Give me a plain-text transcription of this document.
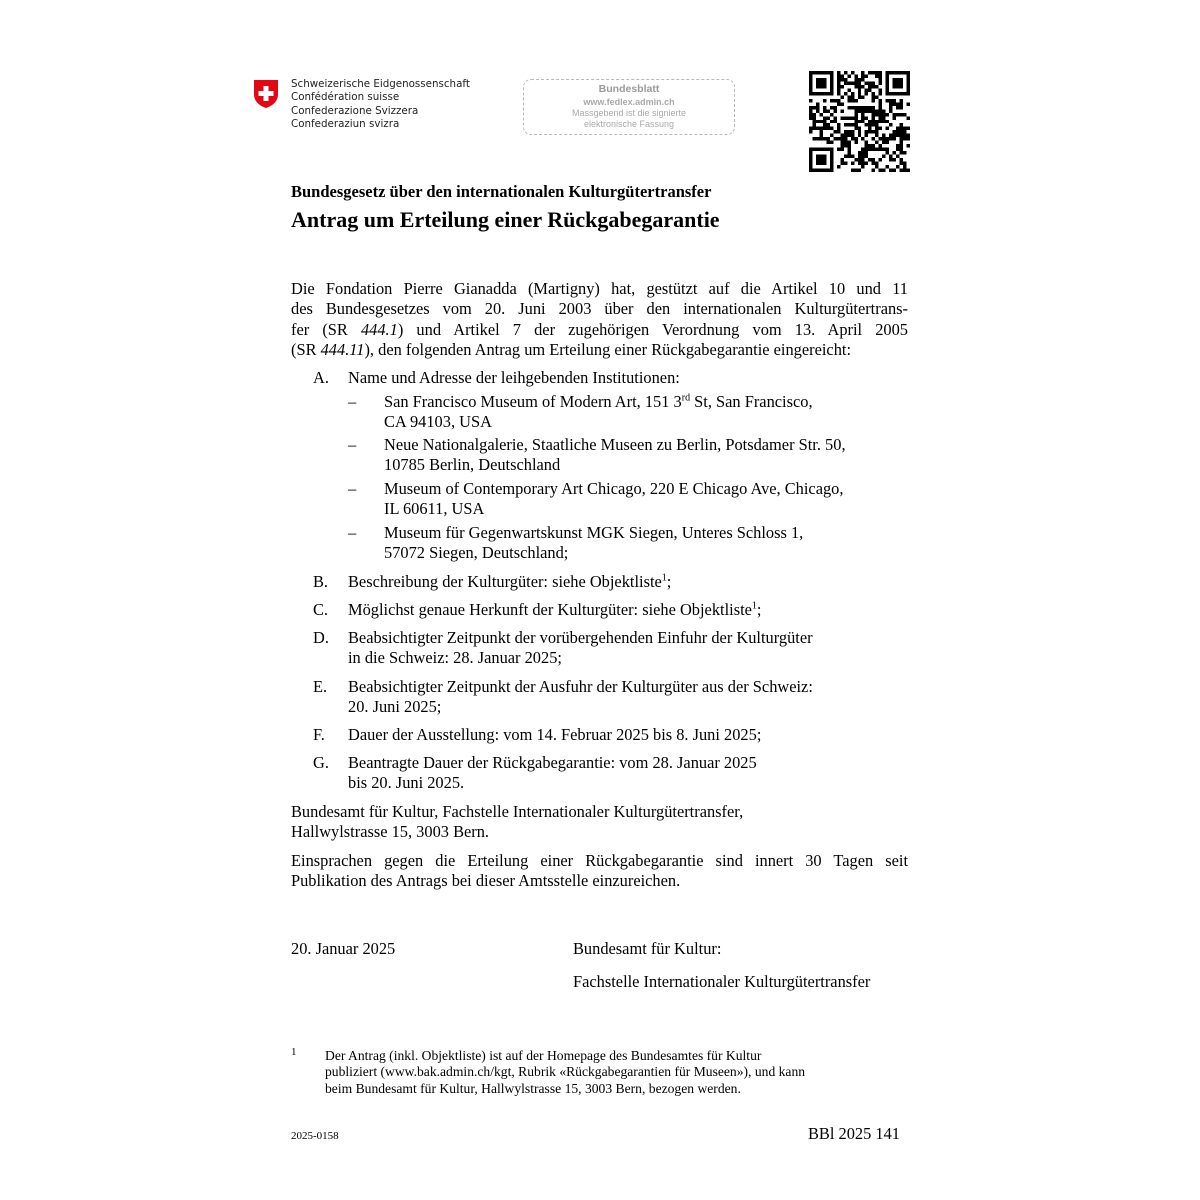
Schweizerische Eidgenossenschaft
Confédération suisse
Confederazione Svizzera
Confederaziun svizra
Bundesblatt
www.fedlex.admin.ch
Massgebend ist die signierte
elektronische Fassung
Bundesgesetz über den internationalen Kulturgütertransfer
Antrag um Erteilung einer Rückgabegarantie
Die Fondation Pierre Gianadda (Martigny) hat, gestützt auf die Artikel 10 und 11
des Bundesgesetzes vom 20. Juni 2003 über den internationalen Kulturgütertrans-
fer (SR 444.1) und Artikel 7 der zugehörigen Verordnung vom 13. April 2005
(SR 444.11), den folgenden Antrag um Erteilung einer Rückgabegarantie eingereicht:
A. Name und Adresse der leihgebenden Institutionen:
– San Francisco Museum of Modern Art, 151 3rd St, San Francisco,
CA 94103, USA
– Neue Nationalgalerie, Staatliche Museen zu Berlin, Potsdamer Str. 50,
10785 Berlin, Deutschland
– Museum of Contemporary Art Chicago, 220 E Chicago Ave, Chicago,
IL 60611, USA
– Museum für Gegenwartskunst MGK Siegen, Unteres Schloss 1,
57072 Siegen, Deutschland;
B. Beschreibung der Kulturgüter: siehe Objektliste$^1$;
C. Möglichst genaue Herkunft der Kulturgüter: siehe Objektliste$^1$;
D. Beabsichtigter Zeitpunkt der vorübergehenden Einfuhr der Kulturgüter
in die Schweiz: 28. Januar 2025;
E. Beabsichtigter Zeitpunkt der Ausfuhr der Kulturgüter aus der Schweiz:
20. Juni 2025;
F. Dauer der Ausstellung: vom 14. Februar 2025 bis 8. Juni 2025;
G. Beantragte Dauer der Rückgabegarantie: vom 28. Januar 2025
bis 20. Juni 2025.
Bundesamt für Kultur, Fachstelle Internationaler Kulturgütertransfer,
Hallwylstrasse 15, 3003 Bern.
Einsprachen gegen die Erteilung einer Rückgabegarantie sind innert 30 Tagen seit
Publikation des Antrags bei dieser Amtsstelle einzureichen.
20. Januar 2025	Bundesamt für Kultur:
Fachstelle Internationaler Kulturgütertransfer
1 Der Antrag (inkl. Objektliste) ist auf der Homepage des Bundesamtes für Kultur
publiziert (www.bak.admin.ch/kgt, Rubrik «Rückgabegarantien für Museen»), und kann
beim Bundesamt für Kultur, Hallwylstrasse 15, 3003 Bern, bezogen werden.
2025-0158	BBl 2025 141
